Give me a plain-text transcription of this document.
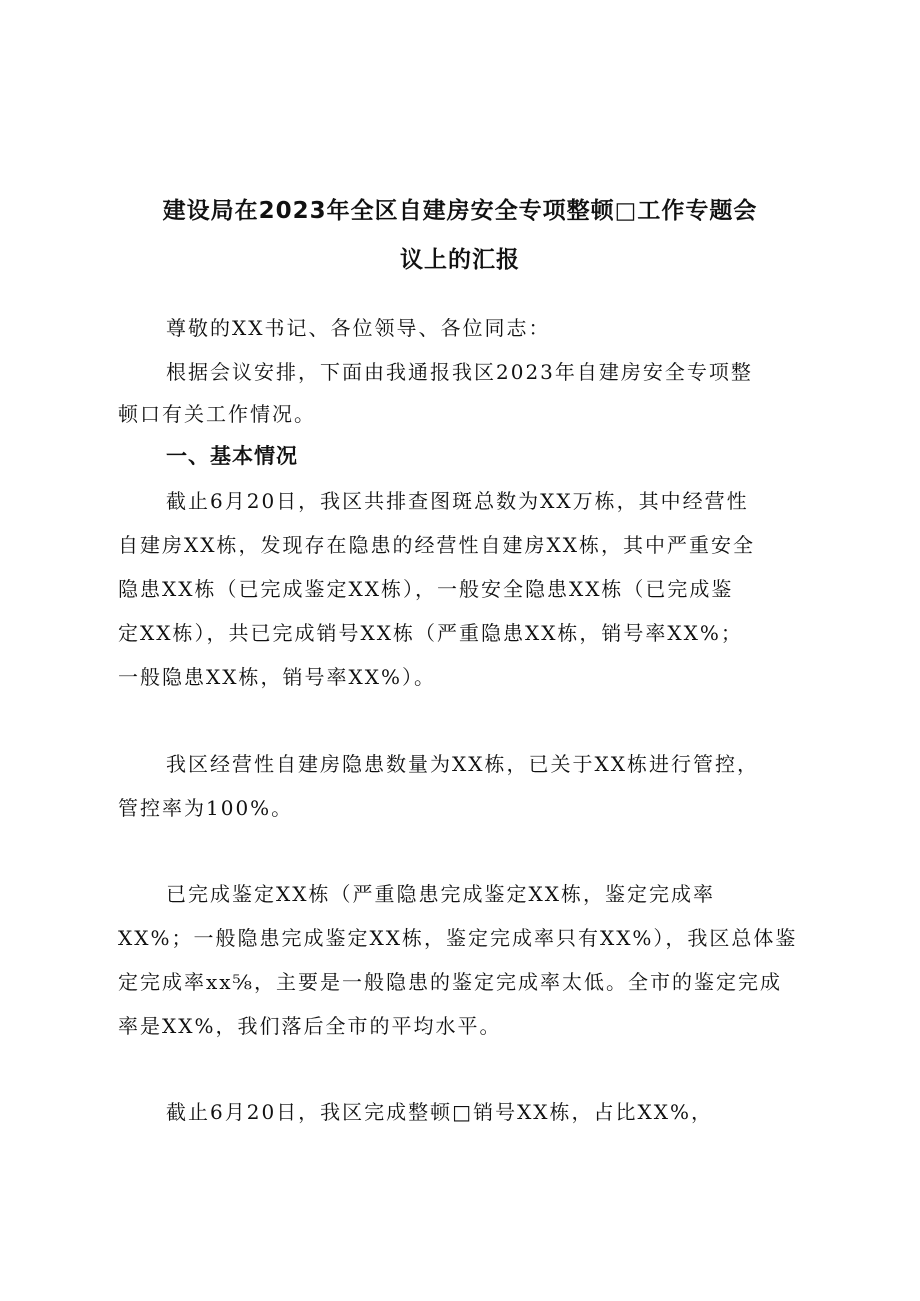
建设局在2023年全区自建房安全专项整顿□工作专题会
议上的汇报

尊敬的XX书记、各位领导、各位同志：

根据会议安排，下面由我通报我区2023年自建房安全专项整

顿口有关工作情况。

一、基本情况

截止6月20日，我区共排查图斑总数为XX万栋，其中经营性

自建房XX栋，发现存在隐患的经营性自建房XX栋，其中严重安全

隐患XX栋（已完成鉴定XX栋），一般安全隐患XX栋（已完成鉴

定XX栋），共已完成销号XX栋（严重隐患XX栋，销号率XX%；

一般隐患XX栋，销号率XX%）。

我区经营性自建房隐患数量为XX栋，已关于XX栋进行管控，

管控率为100%。

已完成鉴定XX栋（严重隐患完成鉴定XX栋，鉴定完成率

XX%；一般隐患完成鉴定XX栋，鉴定完成率只有XX%），我区总体鉴

定完成率xx⅝，主要是一般隐患的鉴定完成率太低。全市的鉴定完成

率是XX%，我们落后全市的平均水平。

截止6月20日，我区完成整顿□销号XX栋，占比XX%，
